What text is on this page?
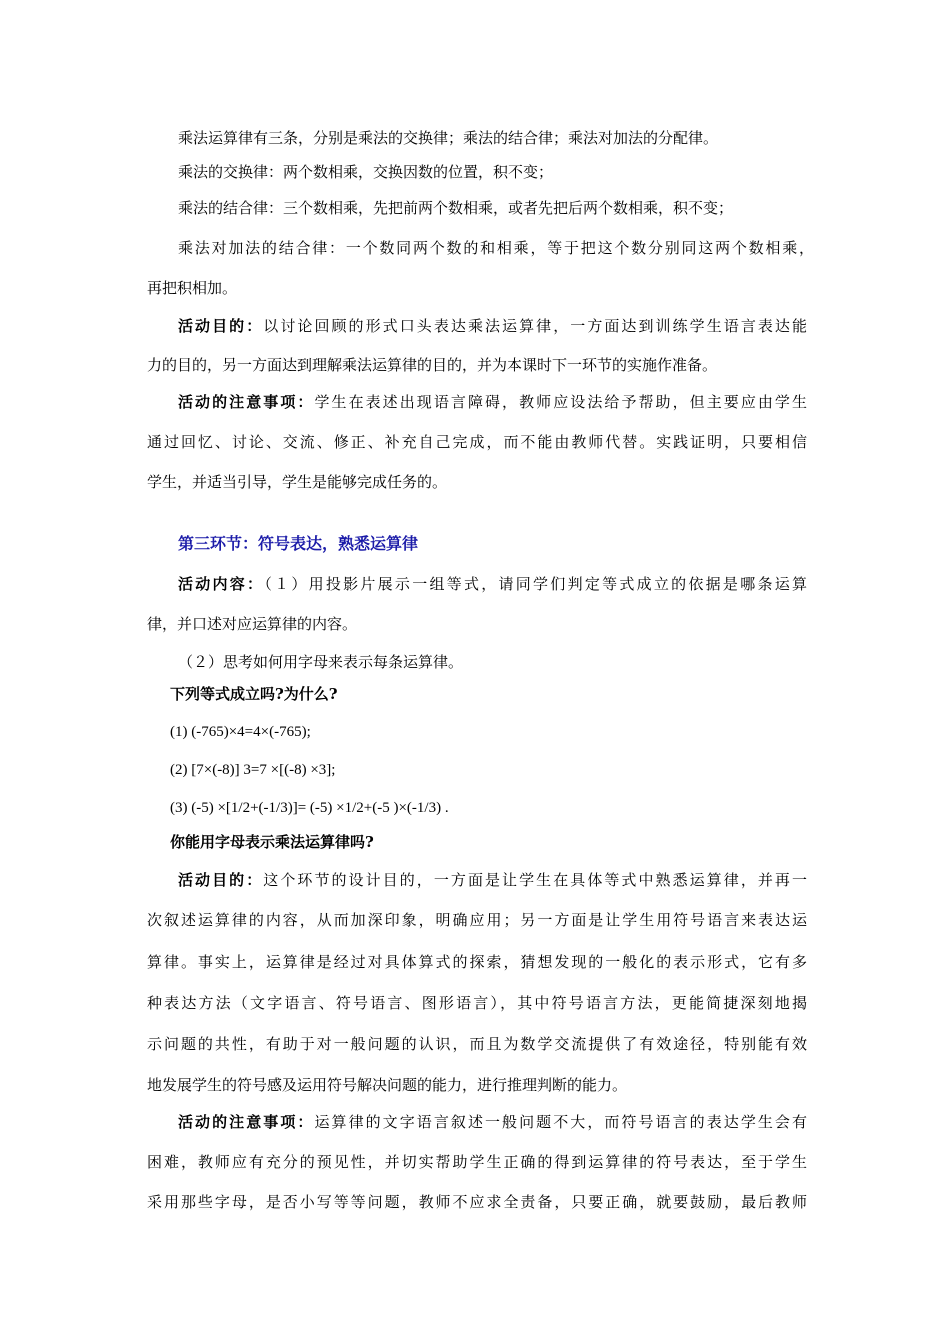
乘法运算律有三条，分别是乘法的交换律；乘法的结合律；乘法对加法的分配律。
乘法的交换律：两个数相乘，交换因数的位置，积不变；
乘法的结合律：三个数相乘，先把前两个数相乘，或者先把后两个数相乘，积不变；
乘法对加法的结合律：一个数同两个数的和相乘，等于把这个数分别同这两个数相乘，
再把积相加。
活动目的：以讨论回顾的形式口头表达乘法运算律，一方面达到训练学生语言表达能
力的目的，另一方面达到理解乘法运算律的目的，并为本课时下一环节的实施作准备。
活动的注意事项：学生在表述出现语言障碍，教师应设法给予帮助，但主要应由学生
通过回忆、讨论、交流、修正、补充自己完成，而不能由教师代替。实践证明，只要相信
学生，并适当引导，学生是能够完成任务的。
第三环节：符号表达，熟悉运算律
活动内容：（１）用投影片展示一组等式，请同学们判定等式成立的依据是哪条运算
律，并口述对应运算律的内容。
（２）思考如何用字母来表示每条运算律。
下列等式成立吗?为什么?
(1) (-765)×4=4×(-765);
(2) [7×(-8)] 3=7 ×[(-8) ×3];
(3) (-5) ×[1/2+(-1/3)]= (-5) ×1/2+(-5 )×(-1/3) .
你能用字母表示乘法运算律吗?
活动目的：这个环节的设计目的，一方面是让学生在具体等式中熟悉运算律，并再一
次叙述运算律的内容，从而加深印象，明确应用；另一方面是让学生用符号语言来表达运
算律。事实上，运算律是经过对具体算式的探索，猜想发现的一般化的表示形式，它有多
种表达方法（文字语言、符号语言、图形语言），其中符号语言方法，更能简捷深刻地揭
示问题的共性，有助于对一般问题的认识，而且为数学交流提供了有效途径，特别能有效
地发展学生的符号感及运用符号解决问题的能力，进行推理判断的能力。
活动的注意事项：运算律的文字语言叙述一般问题不大，而符号语言的表达学生会有
困难，教师应有充分的预见性，并切实帮助学生正确的得到运算律的符号表达，至于学生
采用那些字母，是否小写等等问题，教师不应求全责备，只要正确，就要鼓励，最后教师
